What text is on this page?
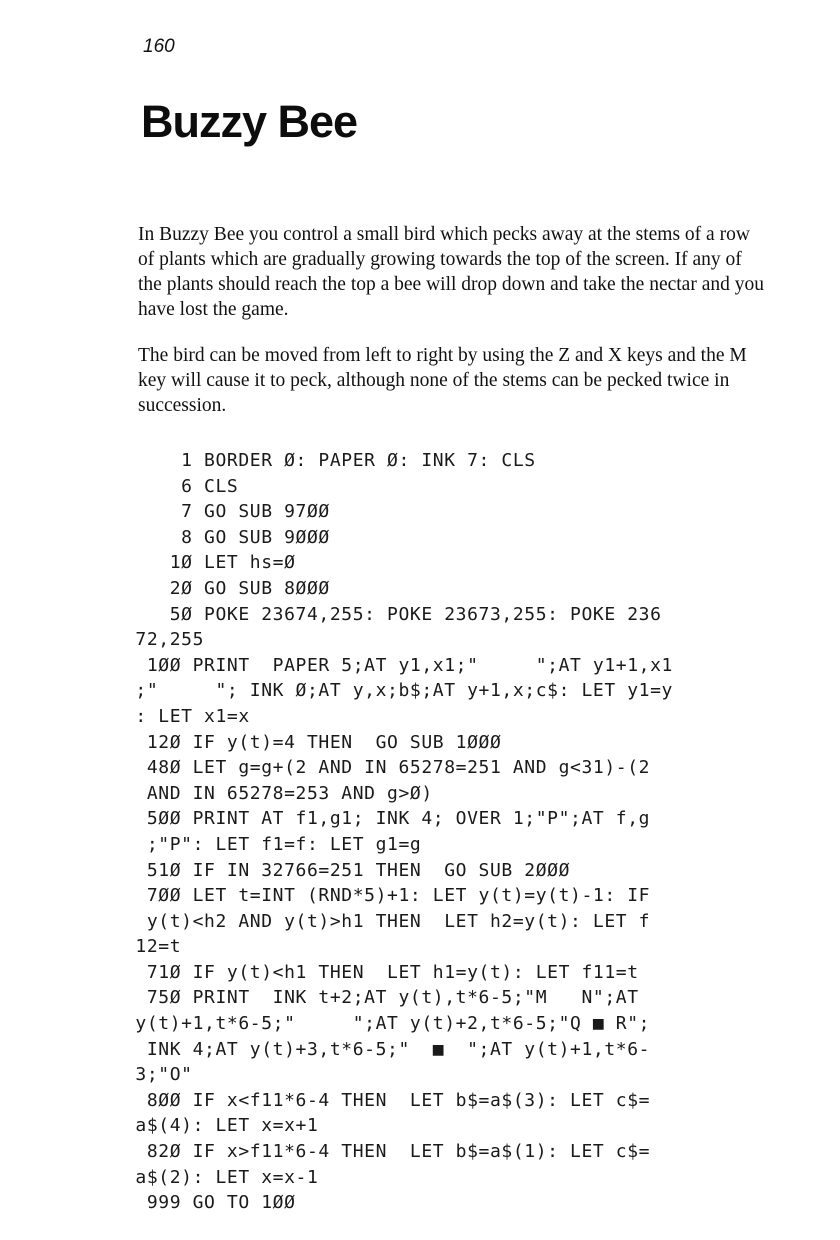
160
Buzzy Bee

In Buzzy Bee you control a small bird which pecks away at the stems of a row of plants which are gradually growing towards the top of the screen. If any of the plants should reach the top a bee will drop down and take the nectar and you have lost the game.

The bird can be moved from left to right by using the Z and X keys and the M key will cause it to peck, although none of the stems can be pecked twice in succession.

1 BORDER Ø: PAPER Ø: INK 7: CLS
6 CLS
7 GO SUB 97ØØ
8 GO SUB 9ØØØ
1Ø LET hs=Ø
2Ø GO SUB 8ØØØ
5Ø POKE 23674,255: POKE 23673,255: POKE 236
72,255
1ØØ PRINT  PAPER 5;AT y1,x1;"     ";AT y1+1,x1
;"     "; INK Ø;AT y,x;b$;AT y+1,x;c$: LET y1=y
: LET x1=x
12Ø IF y(t)=4 THEN  GO SUB 1ØØØ
48Ø LET g=g+(2 AND IN 65278=251 AND g<31)-(2
AND IN 65278=253 AND g>Ø)
5ØØ PRINT AT f1,g1; INK 4; OVER 1;"P";AT f,g
;"P": LET f1=f: LET g1=g
51Ø IF IN 32766=251 THEN  GO SUB 2ØØØ
7ØØ LET t=INT (RND*5)+1: LET y(t)=y(t)-1: IF
y(t)<h2 AND y(t)>h1 THEN  LET h2=y(t): LET f
12=t
71Ø IF y(t)<h1 THEN  LET h1=y(t): LET f11=t
75Ø PRINT  INK t+2;AT y(t),t*6-5;"M   N";AT
y(t)+1,t*6-5;"     ";AT y(t)+2,t*6-5;"Q ■ R";
INK 4;AT y(t)+3,t*6-5;"  ■  ";AT y(t)+1,t*6-
3;"O"
8ØØ IF x<f11*6-4 THEN  LET b$=a$(3): LET c$=
a$(4): LET x=x+1
82Ø IF x>f11*6-4 THEN  LET b$=a$(1): LET c$=
a$(2): LET x=x-1
999 GO TO 1ØØ
